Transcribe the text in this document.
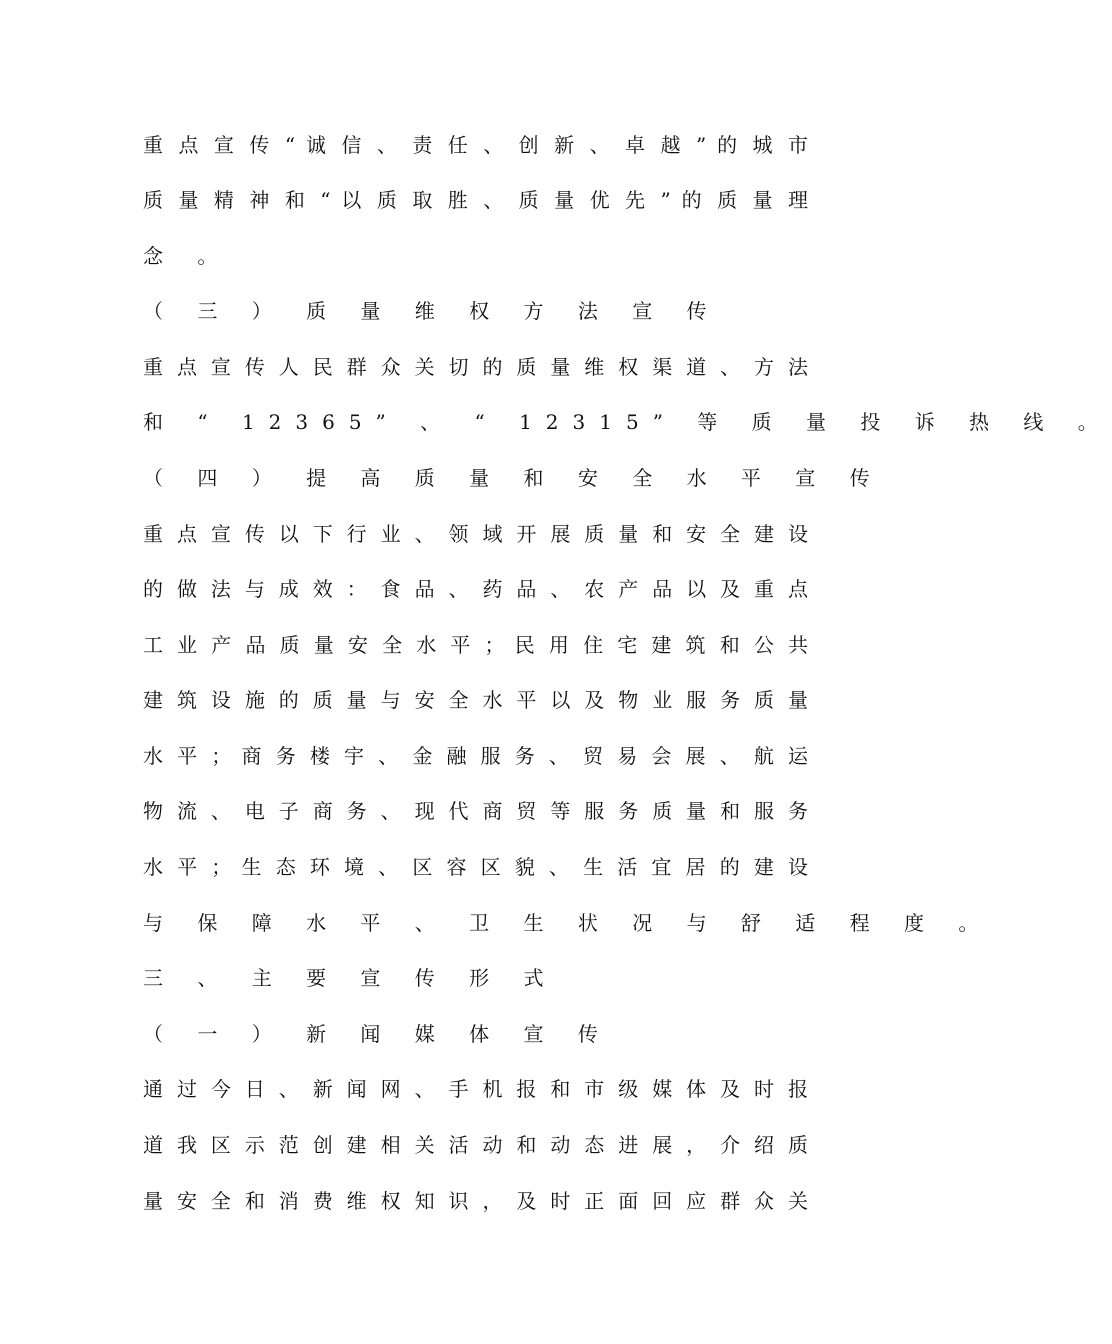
重 点 宣 传 “ 诚 信 、 责 任 、 创 新 、 卓 越 ” 的 城 市
质 量 精 神 和 “ 以 质 取 胜 、 质 量 优 先 ” 的 质 量 理
念 。
（ 三 ） 质 量 维 权 方 法 宣 传
重 点 宣 传 人 民 群 众 关 切 的 质 量 维 权 渠 道 、 方 法
和 “ 12365” 、 “ 12315” 等 质 量 投 诉 热 线 。
（ 四 ） 提 高 质 量 和 安 全 水 平 宣 传
重 点 宣 传 以 下 行 业 、 领 域 开 展 质 量 和 安 全 建 设
的 做 法 与 成 效 ： 食 品 、 药 品 、 农 产 品 以 及 重 点
工 业 产 品 质 量 安 全 水 平 ； 民 用 住 宅 建 筑 和 公 共
建 筑 设 施 的 质 量 与 安 全 水 平 以 及 物 业 服 务 质 量
水 平 ； 商 务 楼 宇 、 金 融 服 务 、 贸 易 会 展 、 航 运
物 流 、 电 子 商 务 、 现 代 商 贸 等 服 务 质 量 和 服 务
水 平 ； 生 态 环 境 、 区 容 区 貌 、 生 活 宜 居 的 建 设
与 保 障 水 平 、 卫 生 状 况 与 舒 适 程 度 。
三 、 主 要 宣 传 形 式
（ 一 ） 新 闻 媒 体 宣 传
通 过 今 日 、 新 闻 网 、 手 机 报 和 市 级 媒 体 及 时 报
道 我 区 示 范 创 建 相 关 活 动 和 动 态 进 展 ， 介 绍 质
量 安 全 和 消 费 维 权 知 识 ， 及 时 正 面 回 应 群 众 关
